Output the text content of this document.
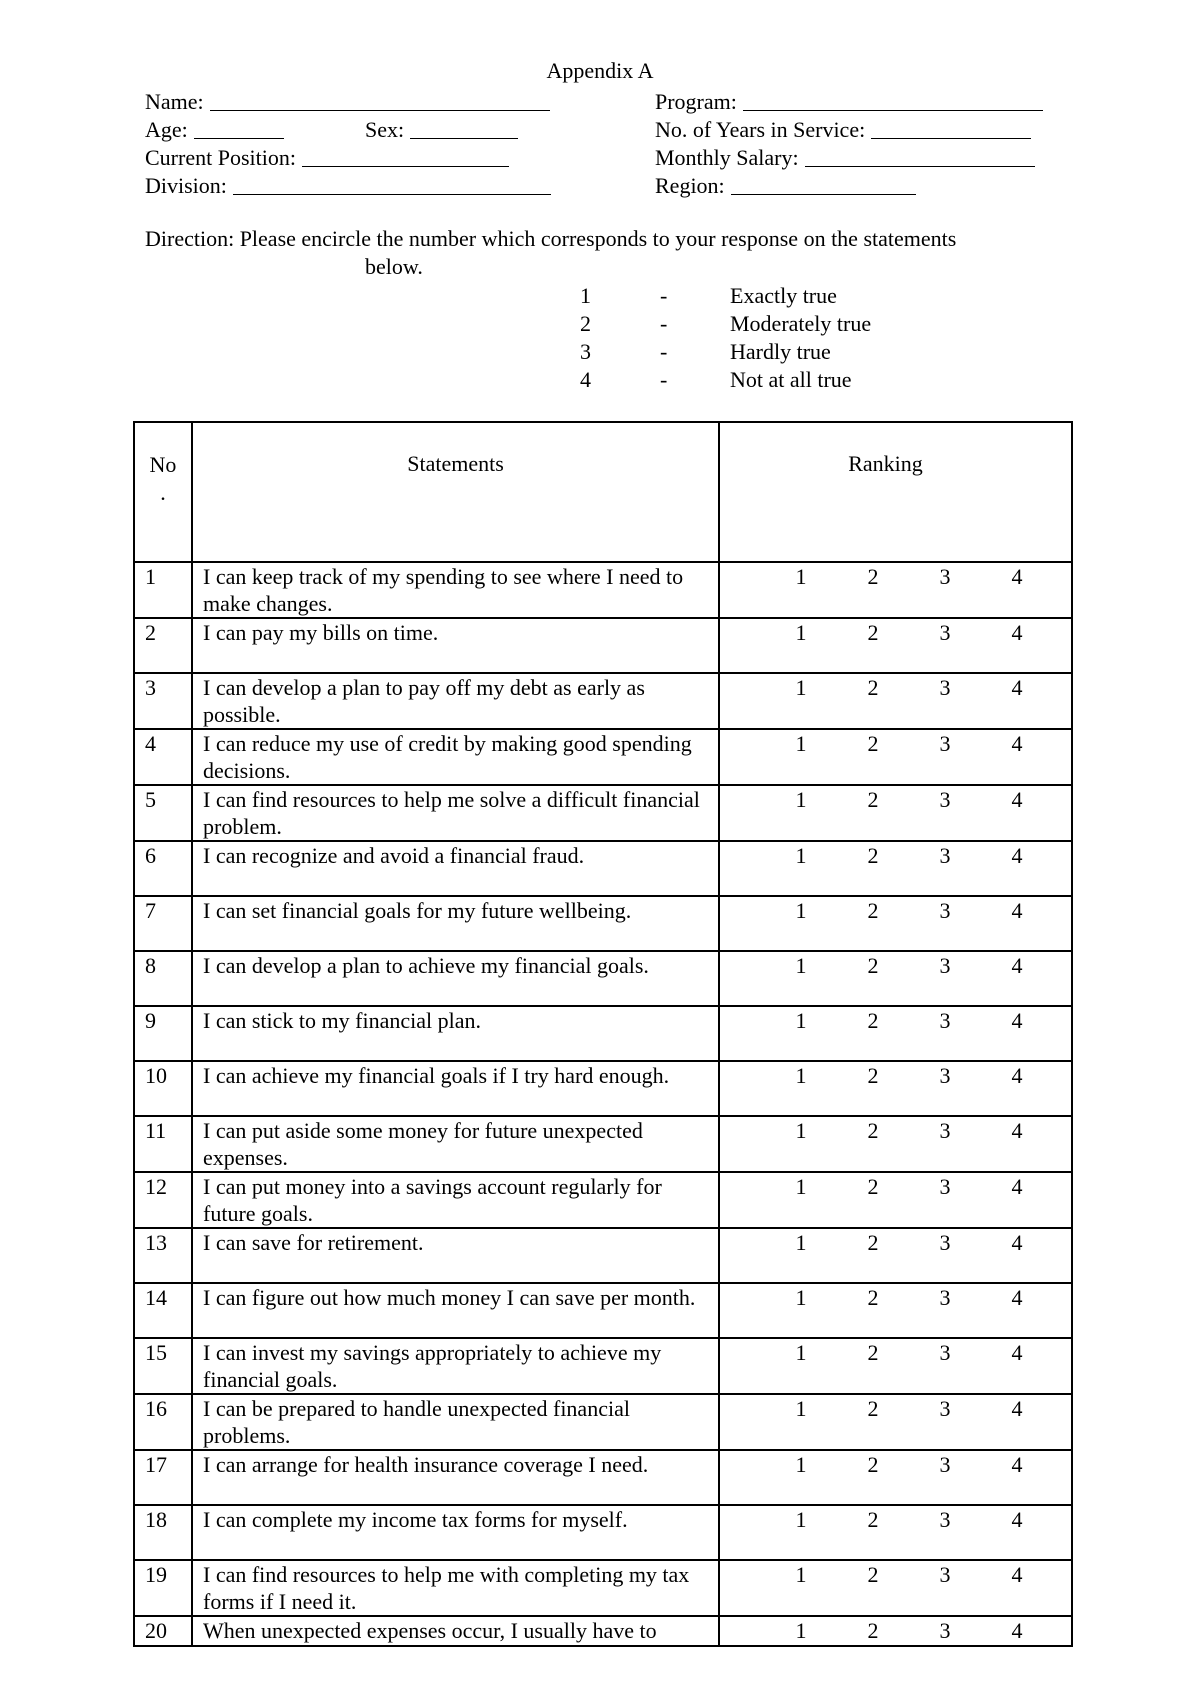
Appendix A
Name:
Age:	Sex:
Current Position:
Division:
Program:
No. of Years in Service:
Monthly Salary:
Region:
Direction: Please encircle the number which corresponds to your response on the statements
below.
1	-	Exactly true
2	-	Moderately true
3	-	Hardly true
4	-	Not at all true
No
.	Statements	Ranking
1	I can keep track of my spending to see where I need to make changes.	1 2 3 4

2	I can pay my bills on time.	1 2 3 4

3	I can develop a plan to pay off my debt as early as possible.	1 2 3 4

4	I can reduce my use of credit by making good spending decisions.	1 2 3 4

5	I can find resources to help me solve a difficult financial problem.	1 2 3 4

6	I can recognize and avoid a financial fraud.	1 2 3 4

7	I can set financial goals for my future wellbeing.	1 2 3 4

8	I can develop a plan to achieve my financial goals.	1 2 3 4

9	I can stick to my financial plan.	1 2 3 4

10	I can achieve my financial goals if I try hard enough.	1 2 3 4

11	I can put aside some money for future unexpected expenses.	1 2 3 4

12	I can put money into a savings account regularly for future goals.	1 2 3 4

13	I can save for retirement.	1 2 3 4

14	I can figure out how much money I can save per month.	1 2 3 4

15	I can invest my savings appropriately to achieve my financial goals.	1 2 3 4

16	I can be prepared to handle unexpected financial problems.	1 2 3 4

17	I can arrange for health insurance coverage I need.	1 2 3 4

18	I can complete my income tax forms for myself.	1 2 3 4

19	I can find resources to help me with completing my tax forms if I need it.	1 2 3 4

20	When unexpected expenses occur, I usually have to	1 2 3 4
